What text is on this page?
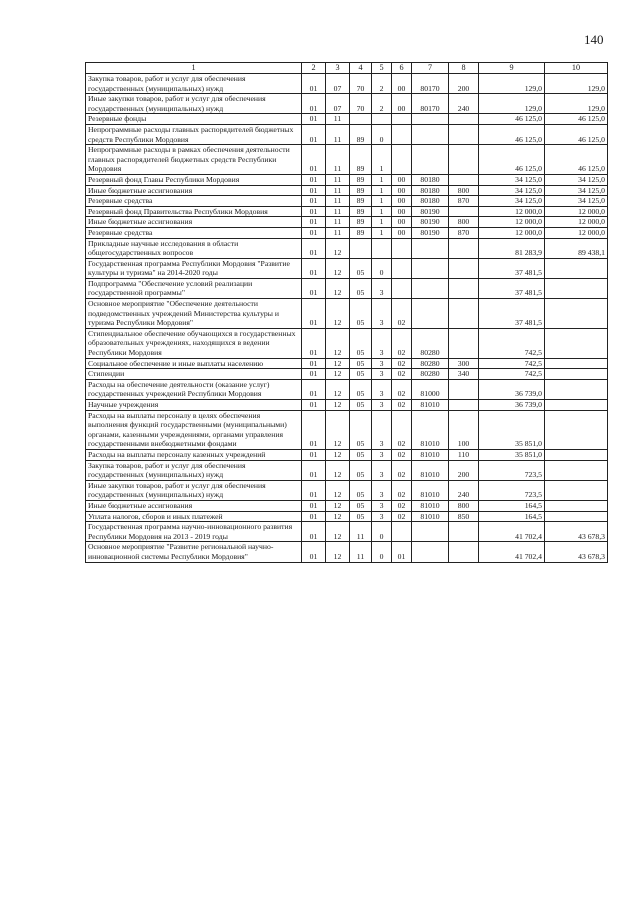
140
1	2	3	4	5	6	7	8	9	10
Закупка товаров, работ и услуг для обеспечения государственных (муниципальных) нужд	01	07	70	2	00	80170	200	129,0	129,0
Иные закупки товаров, работ и услуг для обеспечения государственных (муниципальных) нужд	01	07	70	2	00	80170	240	129,0	129,0
Резервные фонды	01	11						46 125,0	46 125,0
Непрограммные расходы главных распорядителей бюджетных средств Республики Мордовия	01	11	89	0				46 125,0	46 125,0
Непрограммные расходы в рамках обеспечения деятельности главных распорядителей бюджетных средств Республики Мордовия	01	11	89	1				46 125,0	46 125,0
Резервный фонд Главы Республики Мордовия	01	11	89	1	00	80180		34 125,0	34 125,0
Иные бюджетные ассигнования	01	11	89	1	00	80180	800	34 125,0	34 125,0
Резервные средства	01	11	89	1	00	80180	870	34 125,0	34 125,0
Резервный фонд Правительства Республики Мордовия	01	11	89	1	00	80190		12 000,0	12 000,0
Иные бюджетные ассигнования	01	11	89	1	00	80190	800	12 000,0	12 000,0
Резервные средства	01	11	89	1	00	80190	870	12 000,0	12 000,0
Прикладные научные исследования в области общегосударственных вопросов	01	12						81 283,9	89 438,1
Государственная программа Республики Мордовия "Развитие культуры и туризма" на 2014-2020 годы	01	12	05	0				37 481,5	
Подпрограмма "Обеспечение условий реализации государственной программы"	01	12	05	3				37 481,5	
Основное мероприятие "Обеспечение деятельности подведомственных учреждений Министерства культуры и туризма Республики Мордовия"	01	12	05	3	02			37 481,5	
Стипендиальное обеспечение обучающихся в государственных образовательных учреждениях, находящихся в ведении Республики Мордовия	01	12	05	3	02	80280		742,5	
Социальное обеспечение и иные выплаты населению	01	12	05	3	02	80280	300	742,5	
Стипендии	01	12	05	3	02	80280	340	742,5	
Расходы на обеспечение деятельности (оказание услуг) государственных учреждений Республики Мордовия	01	12	05	3	02	81000		36 739,0	
Научные учреждения	01	12	05	3	02	81010		36 739,0	
Расходы на выплаты персоналу в целях обеспечения выполнения функций государственными (муниципальными) органами, казенными учреждениями, органами управления государственными внебюджетными фондами	01	12	05	3	02	81010	100	35 851,0	
Расходы на выплаты персоналу казенных учреждений	01	12	05	3	02	81010	110	35 851,0	
Закупка товаров, работ и услуг для обеспечения государственных (муниципальных) нужд	01	12	05	3	02	81010	200	723,5	
Иные закупки товаров, работ и услуг для обеспечения государственных (муниципальных) нужд	01	12	05	3	02	81010	240	723,5	
Иные бюджетные ассигнования	01	12	05	3	02	81010	800	164,5	
Уплата налогов, сборов и иных платежей	01	12	05	3	02	81010	850	164,5	
Государственная программа научно-инновационного развития Республики Мордовия на 2013 - 2019 годы	01	12	11	0				41 702,4	43 678,3
Основное мероприятие "Развитие региональной научно-инновационной системы Республики Мордовия"	01	12	11	0	01			41 702,4	43 678,3
